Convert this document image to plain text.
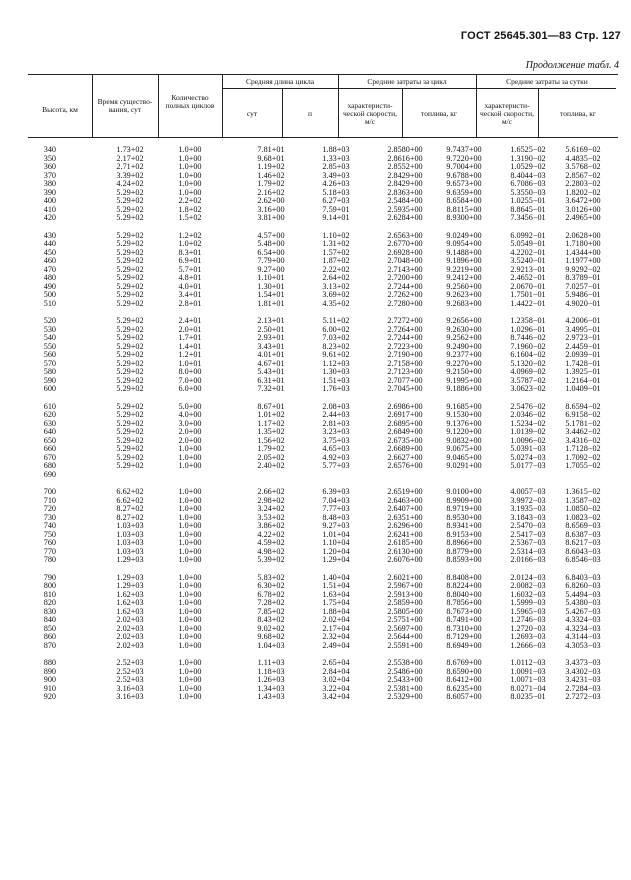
ГОСТ 25645.301—83 Стр. 127
Продолжение табл. 4
Высота, км
Время существо-вания, сут
Количество полных циклов
Средняя длина цикла
сут	п
Средние затраты за цикл
характеристи-ческой скорости, м/с
топлива, кг
Средние затраты за сутки
характеристи-ческой скорости, м/с
топлива, кг
340	1.73+02	1.0+00	7.81+01	1.88+03	2.8580+00	9.7437+00	1.6525−02	5.6169−02
350	2.17+02	1.0+00	9.68+01	1.33+03	2.8616+00	9.7220+00	1.3190−02	4.4835−02
360	2.71+02	1.0+00	1.19+02	2.85+03	2.8552+00	9.7004+00	1.0529−02	3.5768−02
370	3.39+02	1.0+00	1.46+02	3.49+03	2.8429+00	9.6788+00	8.4044−03	2.8567−02
380	4.24+02	1.0+00	1.79+02	4.26+03	2.8429+00	9.6573+00	6.7086−03	2.2803−02
390	5.29+02	1.0+00	2.16+02	5.18+03	2.8363+00	9.6359+00	5.3550−03	1.8202−02
400	5.29+02	2.2+02	2.62+00	6.27+03	2.5484+00	8.6584+00	1.0255−01	3.6472+00
410	5.29+02	1.8+02	3.16+00	7.59+01	2.5935+00	8.8115+00	8.8645−01	3.0126+00
420	5.29+02	1.5+02	3.81+00	9.14+01	2.6284+00	8.9300+00	7.3456−01	2.4965+00
430	5.29+02	1.2+02	4.57+00	1.10+02	2.6563+00	9.0249+00	6.0992−01	2.0628+00
440	5.29+02	1.0+02	5.48+00	1.31+02	2.6770+00	9.0954+00	5.0549−01	1.7180+00
450	5.29+02	8.3+01	6.54+00	1.57+02	2.6928+00	9.1488+00	4.2202−01	1.4344+00
460	5.29+02	6.9+01	7.79+00	1.87+02	2.7048+00	9.1896+00	3.5240−01	1.1977+00
470	5.29+02	5.7+01	9.27+00	2.22+02	2.7143+00	9.2219+00	2.9213−01	9.9292−02
480	5.29+02	4.8+01	1.10+01	2.64+02	2.7200+00	9.2412+00	2.4652−01	8.3789−01
490	5.29+02	4.0+01	1.30+01	3.13+02	2.7244+00	9.2560+00	2.0670−01	7.0257−01
500	5.29+02	3.4+01	1.54+01	3.69+02	2.7262+00	9.2623+00	1.7501−01	5.9486−01
510	5.29+02	2.8+01	1.81+01	4.35+02	2.7280+00	9.2683+00	1.4422−01	4.9020−01
520	5.29+02	2.4+01	2.13+01	5.11+02	2.7272+00	9.2656+00	1.2358−01	4.2006−01
530	5.29+02	2.0+01	2.50+01	6.00+02	2.7264+00	9.2630+00	1.0296−01	3.4995−01
540	5.29+02	1.7+01	2.93+01	7.03+02	2.7244+00	9.2562+00	8.7446−02	2.9723−01
550	5.29+02	1.4+01	3.43+01	8.23+02	2.7223+00	9.2490+00	7.1960−02	2.4459−01
560	5.29+02	1.2+01	4.01+01	9.61+02	2.7190+00	9.2377+00	6.1604−02	2.0939−01
570	5.29+02	1.0+01	4.67+01	1.12+03	2.7158+00	9.2270+00	5.1320−02	1.7428−01
580	5.29+02	8.0+00	5.43+01	1.30+03	2.7123+00	9.2150+00	4.0969−02	1.3925−01
590	5.29+02	7.0+00	6.31+01	1.51+03	2.7077+00	9.1995+00	3.5787−02	1.2164−01
600	5.29+02	6.0+00	7.32+01	1.76+03	2.7045+00	9.1886+00	3.0623−02	1.0409−01
610	5.29+02	5.0+00	8.67+01	2.08+03	2.6986+00	9.1685+00	2.5476−02	8.6594−02
620	5.29+02	4.0+00	1.01+02	2.44+03	2.6917+00	9.1530+00	2.0346−02	6.9158−02
630	5.29+02	3.0+00	1.17+02	2.81+03	2.6895+00	9.1376+00	1.5234−02	5.1781−02
640	5.29+02	2.0+00	1.35+02	3.23+03	2.6849+00	9.1220+00	1.0139−02	3.4462−02
650	5.29+02	2.0+00	1.56+02	3.75+03	2.6735+00	9.0832+00	1.0096−02	3.4316−02
660	5.29+02	1.0+00	1.79+02	4.65+03	2.6689+00	9.0675+00	5.0391−03	1.7128−02
670	5.29+02	1.0+00	2.05+02	4.92+03	2.6627+00	9.0465+00	5.0274−03	1.7092−02
680	5.29+02	1.0+00	2.40+02	5.77+03	2.6576+00	9.0291+00	5.0177−03	1.7055−02
690
700	6.62+02	1.0+00	2.66+02	6.39+03	2.6519+00	9.0100+00	4.0057−03	1.3615−02
710	6.62+02	1.0+00	2.98+02	7.04+03	2.6463+00	8.9909+00	3.9972−03	1.3587−02
720	8.27+02	1.0+00	3.24+02	7.77+03	2.6407+00	8.9719+00	3.1935−03	1.0850−02
730	8.27+02	1.0+00	3.53+02	8.48+03	2.6351+00	8.9530+00	3.1843−03	1.0823−02
740	1.03+03	1.0+00	3.86+02	9.27+03	2.6296+00	8.9341+00	2.5470−03	8.6569−03
750	1.03+03	1.0+00	4.22+02	1.01+04	2.6241+00	8.9153+00	2.5417−03	8.6387−03
760	1.03+03	1.0+00	4.59+02	1.10+04	2.6185+00	8.8966+00	2.5367−03	8.6217−03
770	1.03+03	1.0+00	4.98+02	1.20+04	2.6130+00	8.8779+00	2.5314−03	8.6043−03
780	1.29+03	1.0+00	5.39+02	1.29+04	2.6076+00	8.8593+00	2.0166−03	6.8546−03
790	1.29+03	1.0+00	5.83+02	1.40+04	2.6021+00	8.8408+00	2.0124−03	6.8403−03
800	1.29+03	1.0+00	6.30+02	1.51+04	2.5967+00	8.8224+00	2.0082−03	6.8260−03
810	1.62+03	1.0+00	6.78+02	1.63+04	2.5913+00	8.8040+00	1.6032−03	5.4494−03
820	1.62+03	1.0+00	7.28+02	1.75+04	2.5859+00	8.7856+00	1.5999−03	5.4380−03
830	1.62+03	1.0+00	7.85+02	1.88+04	2.5805+00	8.7673+00	1.5965−03	5.4267−03
840	2.02+03	1.0+00	8.43+02	2.02+04	2.5751+00	8.7491+00	1.2746−03	4.3324−03
850	2.02+03	1.0+00	9.02+02	2.17+04	2.5697+00	8.7310+00	1.2720−03	4.3234−03
860	2.02+03	1.0+00	9.68+02	2.32+04	2.5644+00	8.7129+00	1.2693−03	4.3144−03
870	2.02+03	1.0+00	1.04+03	2.49+04	2.5591+00	8.6949+00	1.2666−03	4.3053−03
880	2.52+03	1.0+00	1.11+03	2.65+04	2.5538+00	8.6769+00	1.0112−03	3.4373−03
890	2.52+03	1.0+00	1.18+03	2.84+04	2.5486+00	8.6590+00	1.0091−03	3.4302−03
900	2.52+03	1.0+00	1.26+03	3.02+04	2.5433+00	8.6412+00	1.0071−03	3.4231−03
910	3.16+03	1.0+00	1.34+03	3.22+04	2.5381+00	8.6235+00	8.0271−04	2.7284−03
920	3.16+03	1.0+00	1.43+03	3.42+04	2.5329+00	8.6057+00	8.0235−01	2.7272−03
